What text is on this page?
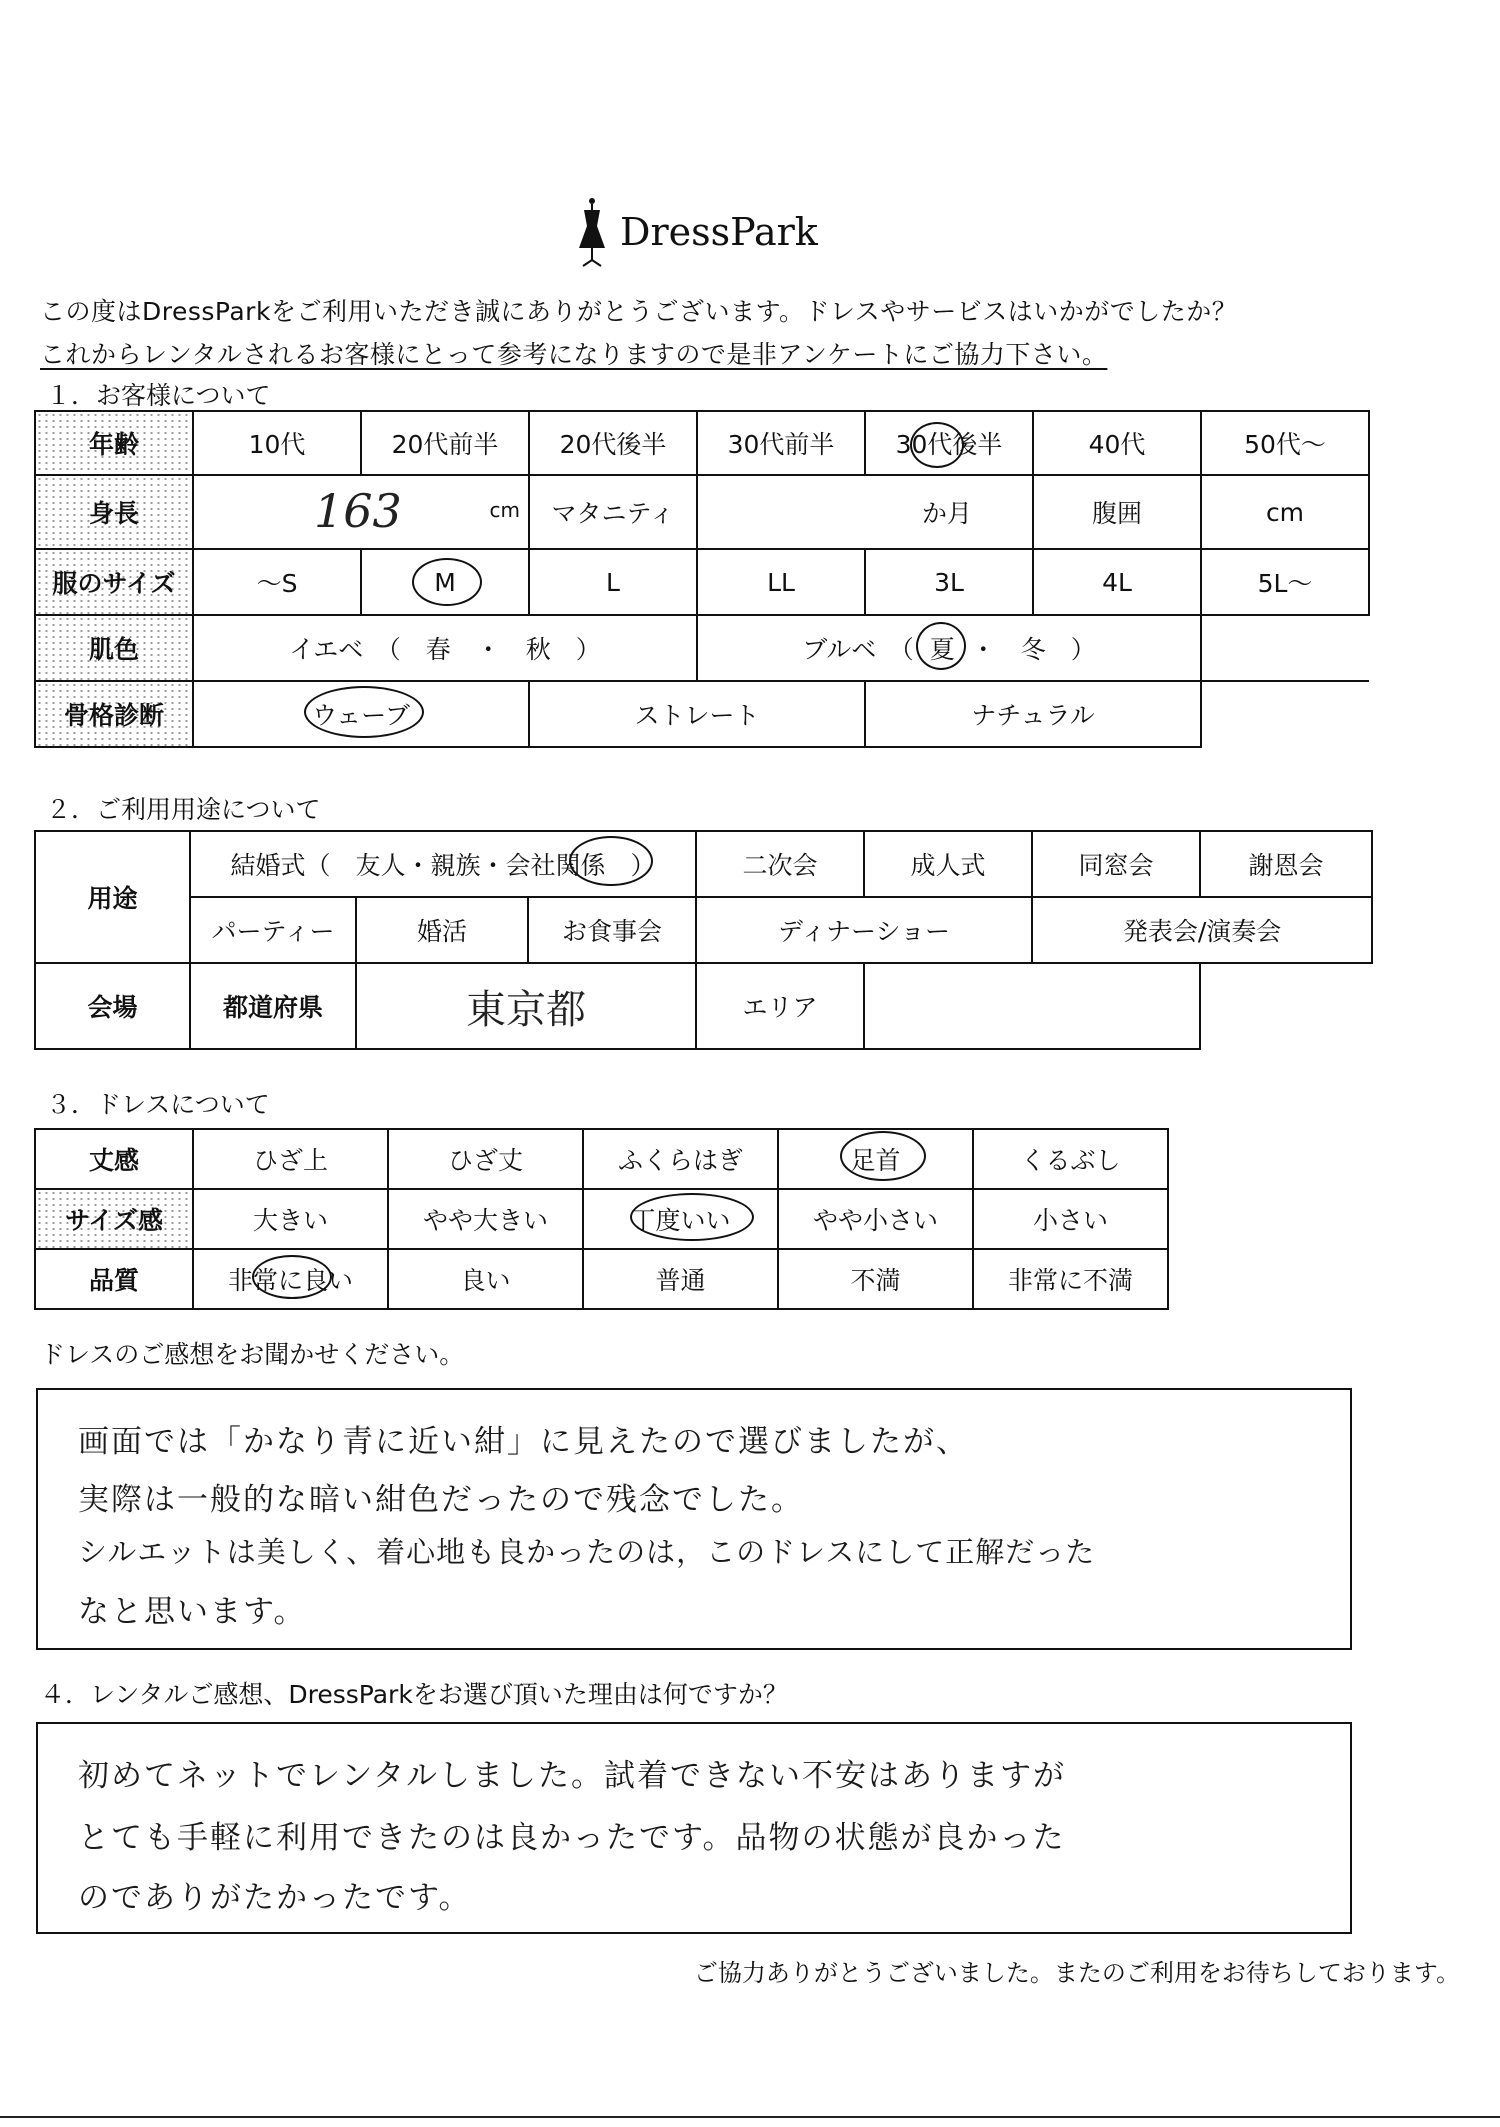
DressPark
この度はDressParkをご利用いただき誠にありがとうございます。ドレスやサービスはいかがでしたか？
これからレンタルされるお客様にとって参考になりますので是非アンケートにご協力下さい。
１．お客様について
年齢	10代	20代前半	20代後半	30代前半	30代後半	40代	50代～
身長	163 cm		マタニティ	か月		腹囲	cm
服のサイズ	～S	M	L	LL	3L	4L	5L～
肌色	イエベ　（　春　・　秋　）			ブルベ　（ 夏 ・　冬　）			
骨格診断	ウェーブ		ストレート		ナチュラル		
２．ご利用用途について
用途	結婚式（　友人・親族・会社関係　）			二次会	成人式	同窓会	謝恩会
	パーティー	婚活	お食事会	ディナーショー		発表会/演奏会	
会場	都道府県	東京都		エリア			
３．ドレスについて
丈感	ひざ上	ひざ丈	ふくらはぎ	足首	くるぶし
サイズ感	大きい	やや大きい	丁度いい	やや小さい	小さい
品質	非常に良い	良い	普通	不満	非常に不満
ドレスのご感想をお聞かせください。
画面では「かなり青に近い紺」に見えたので選びましたが、
実際は一般的な暗い紺色だったので残念でした。
シルエットは美しく、着心地も良かったのは，このドレスにして正解だった
なと思います。
４．レンタルご感想、DressParkをお選び頂いた理由は何ですか？
初めてネットでレンタルしました。試着できない不安はありますが
とても手軽に利用できたのは良かったです。品物の状態が良かった
のでありがたかったです。
ご協力ありがとうございました。またのご利用をお待ちしております。
